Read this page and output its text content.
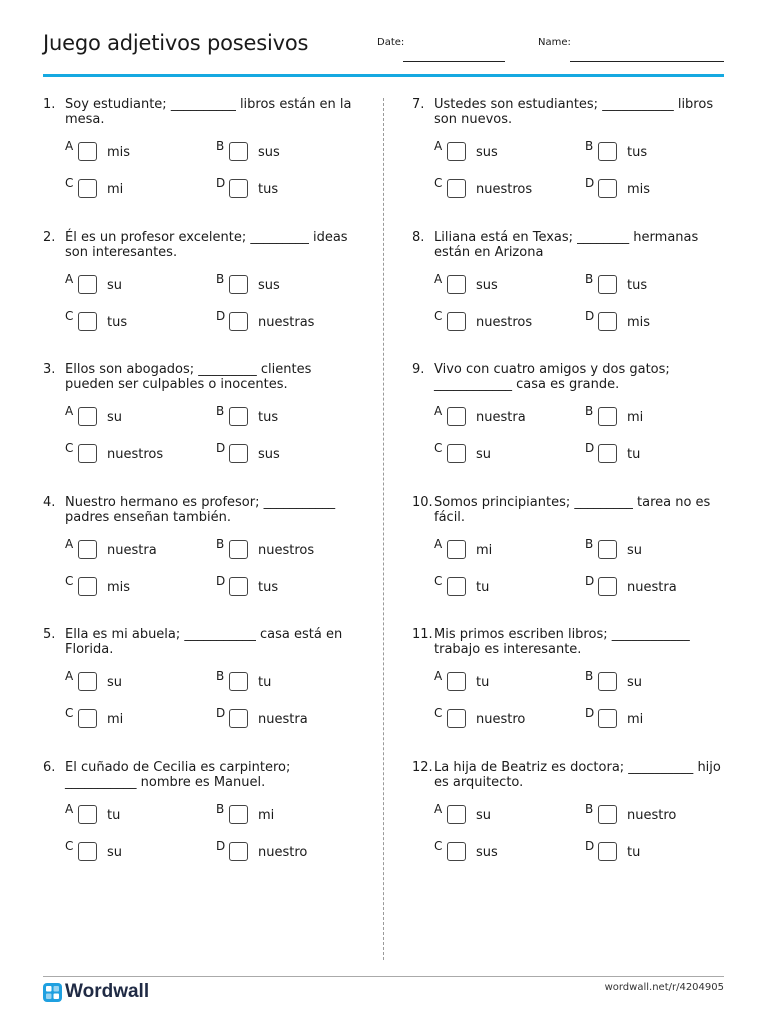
Juego adjetivos posesivos	Date:	Name:
1. Soy estudiante; __________ libros están en la mesa.
A	mis	B	sus
C	mi	D	tus
2. Él es un profesor excelente; _________ ideas son interesantes.
A	su	B	sus
C	tus	D	nuestras
3. Ellos son abogados; _________ clientes pueden ser culpables o inocentes.
A	su	B	tus
C	nuestros	D	sus
4. Nuestro hermano es profesor; ___________ padres enseñan también.
A	nuestra	B	nuestros
C	mis	D	tus
5. Ella es mi abuela; ___________ casa está en Florida.
A	su	B	tu
C	mi	D	nuestra
6. El cuñado de Cecilia es carpintero; ___________ nombre es Manuel.
A	tu	B	mi
C	su	D	nuestro
7. Ustedes son estudiantes; ___________ libros son nuevos.
A	sus	B	tus
C	nuestros	D	mis
8. Liliana está en Texas; ________ hermanas están en Arizona
A	sus	B	tus
C	nuestros	D	mis
9. Vivo con cuatro amigos y dos gatos; ____________ casa es grande.
A	nuestra	B	mi
C	su	D	tu
10. Somos principiantes; _________ tarea no es fácil.
A	mi	B	su
C	tu	D	nuestra
11. Mis primos escriben libros; ____________ trabajo es interesante.
A	tu	B	su
C	nuestro	D	mi
12. La hija de Beatriz es doctora; __________ hijo es arquitecto.
A	su	B	nuestro
C	sus	D	tu
Wordwall	wordwall.net/r/4204905
